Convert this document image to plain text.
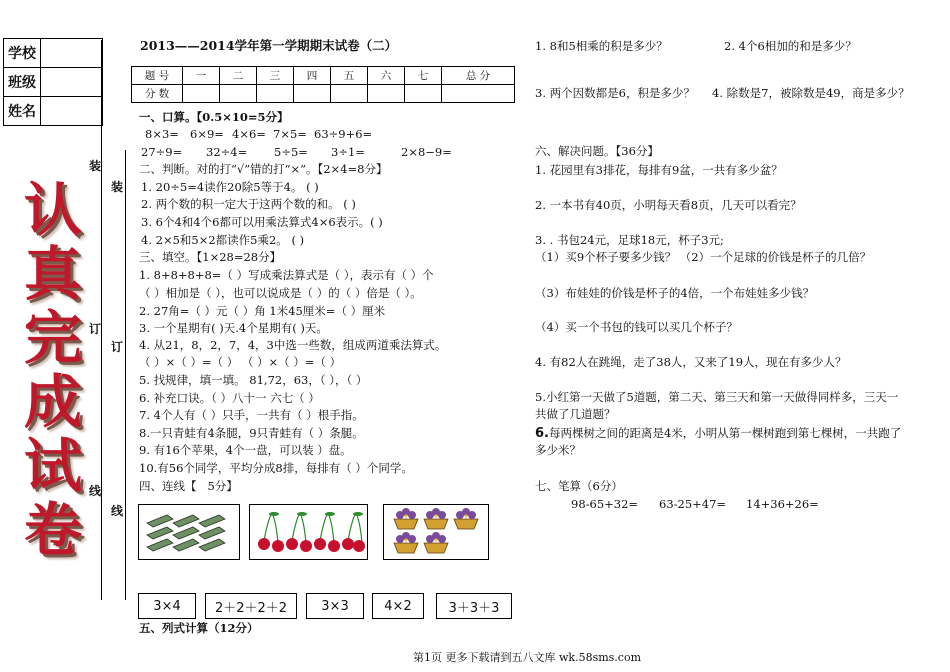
学校
班级
姓名
认
真
完
成
试
卷
装
装
订
订
线
线
2013——2014学年第一学期期末试卷（二）
题 号	一	二	三	四	五	六	七	总 分
分 数								
一、口算。【0.5×10=5分】
8×3= 6×9= 4×6= 7×5= 63÷9+6=
27÷9= 32÷4= 5÷5= 3÷1=	2×8−9=
二、判断。对的打“√”错的打“×”。【2×4=8分】
1. 20÷5=4读作20除5等于4。 ( )
2. 两个数的积一定大于这两个数的和。 ( )
3. 6个4和4个6都可以用乘法算式4×6表示。( )
4. 2×5和5×2都读作5乘2。 ( )
三、填空。【1×28=28分】
1. 8+8+8+8=（ ）写成乘法算式是（ ），表示有（ ）个
（ ）相加是（ ），也可以说成是（ ）的（ ）倍是（ ）。
2. 27角=（ ）元（ ）角 1米45厘米=（ ）厘米
3. 一个星期有( )天.4个星期有( )天。
4. 从21，8，2，7，4，3中选一些数，组成两道乘法算式。
（ ）×（ ）=（ ） （ ）×（ ）=（ ）
5. 找规律，填一填。 81,72，63，（ ），（ ）
6. 补充口诀。（ ）八十一 六七（ ）
7. 4个人有（ ）只手，一共有（ ）根手指。
8.一只青蛙有4条腿，9只青蛙有（ ）条腿。
9. 有16个苹果，4个一盘，可以装 ）盘。
10.有56个同学，平均分成8排，每排有（ ）个同学。
四、连线【 5分】
3×4	2＋2＋2＋2	3×3	4×2	3＋3＋3
五、列式计算（12分）
1. 8和5相乘的积是多少？	2. 4个6相加的和是多少？
3. 两个因数都是6，积是多少？ 4. 除数是7，被除数是49，商是多少？
六、解决问题。【36分】
1. 花园里有3排花，每排有9盆，一共有多少盆？
2. 一本书有40页，小明每天看8页，几天可以看完？
3. . 书包24元，足球18元，杯子3元;
（1）买9个杯子要多少钱？ （2）一个足球的价钱是杯子的几倍？
（3）布娃娃的价钱是杯子的4倍，一个布娃娃多少钱？
（4）买一个书包的钱可以买几个杯子？
4. 有82人在跳绳，走了38人，又来了19人，现在有多少人？
5.小红第一天做了5道题，第二天、第三天和第一天做得同样多，三天一
共做了几道题？
6.每两棵树之间的距离是4米，小明从第一棵树跑到第七棵树，一共跑了
多少米？
七、笔算（6分）
98-65+32= 63-25+47= 14+36+26=
第1页 更多下载请到五八文库 wk.58sms.com
